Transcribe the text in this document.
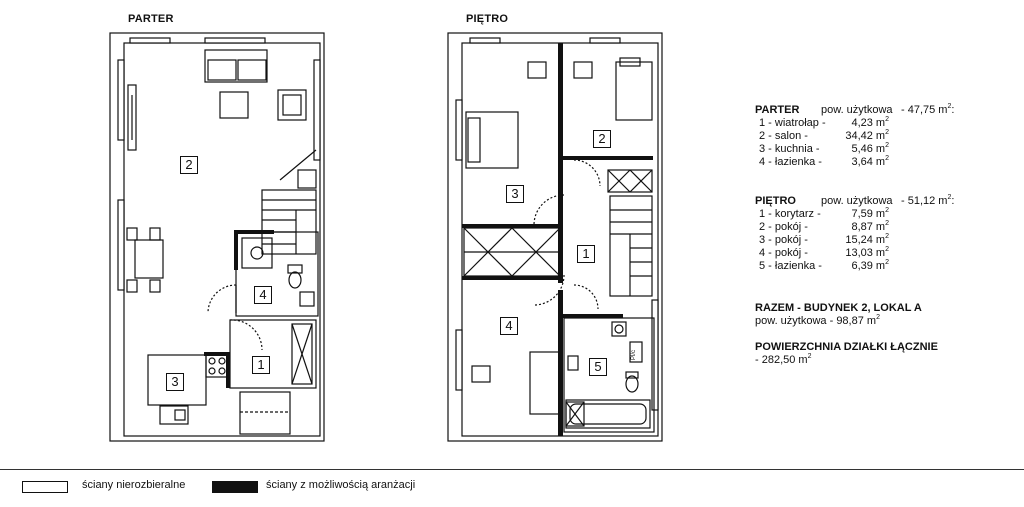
PARTER	PIĘTRO
2
4
3
1
3
2
1
4
5
Pl/c
PARTER	pow. użytkowa - 47,75 $m^2$:
1 - wiatrołap -	4,23 $m^2$
2 - salon -	34,42 $m^2$
3 - kuchnia -	5,46 $m^2$
4 - łazienka -	3,64 $m^2$
PIĘTRO	pow. użytkowa - 51,12 $m^2$:
1 - korytarz -	7,59 $m^2$
2 - pokój -	8,87 $m^2$
3 - pokój -	15,24 $m^2$
4 - pokój -	13,03 $m^2$
5 - łazienka -	6,39 $m^2$
RAZEM - BUDYNEK 2, LOKAL A
pow. użytkowa - 98,87 $m^2$
POWIERZCHNIA DZIAŁKI ŁĄCZNIE
- 282,50 $m^2$
ściany nierozbieralne	ściany z możliwością aranżacji
